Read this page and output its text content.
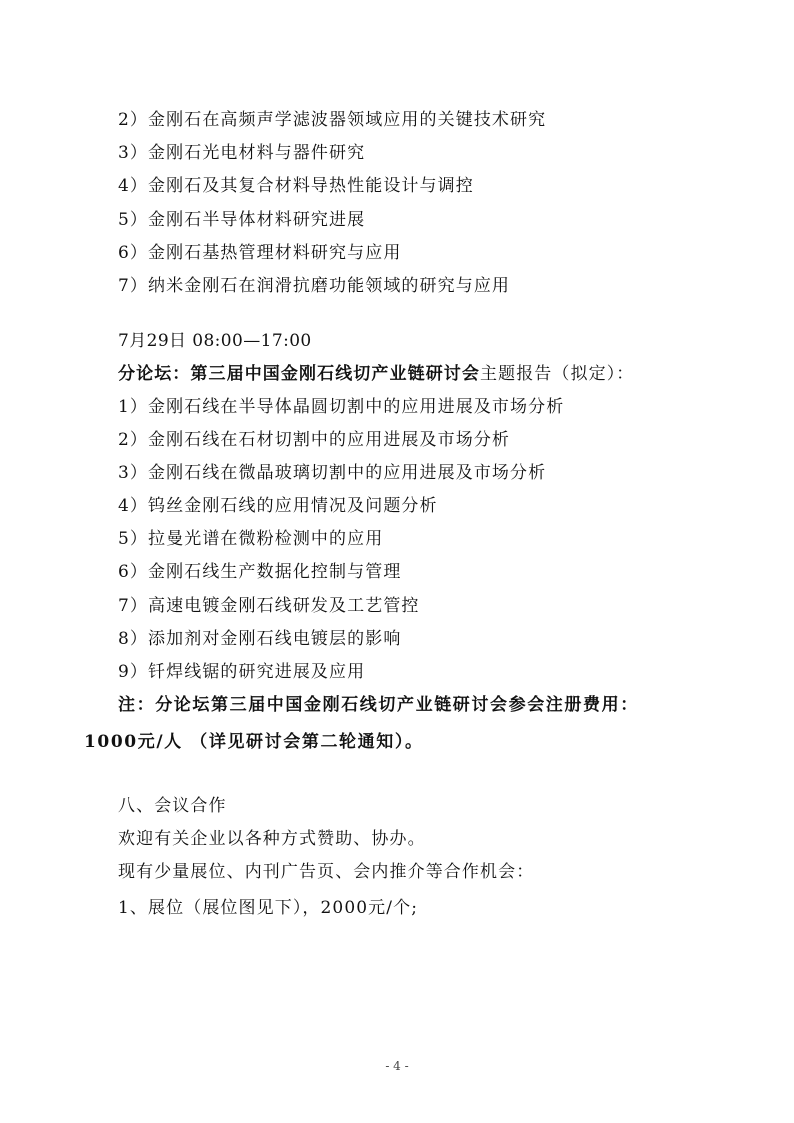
2）金刚石在高频声学滤波器领域应用的关键技术研究
3）金刚石光电材料与器件研究
4）金刚石及其复合材料导热性能设计与调控
5）金刚石半导体材料研究进展
6）金刚石基热管理材料研究与应用
7）纳米金刚石在润滑抗磨功能领域的研究与应用
7月29日 08:00—17:00
分论坛：第三届中国金刚石线切产业链研讨会主题报告（拟定）：
1）金刚石线在半导体晶圆切割中的应用进展及市场分析
2）金刚石线在石材切割中的应用进展及市场分析
3）金刚石线在微晶玻璃切割中的应用进展及市场分析
4）钨丝金刚石线的应用情况及问题分析
5）拉曼光谱在微粉检测中的应用
6）金刚石线生产数据化控制与管理
7）高速电镀金刚石线研发及工艺管控
8）添加剂对金刚石线电镀层的影响
9）钎焊线锯的研究进展及应用
注：分论坛第三届中国金刚石线切产业链研讨会参会注册费用：
1000元/人 （详见研讨会第二轮通知）。
八、会议合作
欢迎有关企业以各种方式赞助、协办。
现有少量展位、内刊广告页、会内推介等合作机会：
1、展位（展位图见下），2000元/个;
- 4 -
